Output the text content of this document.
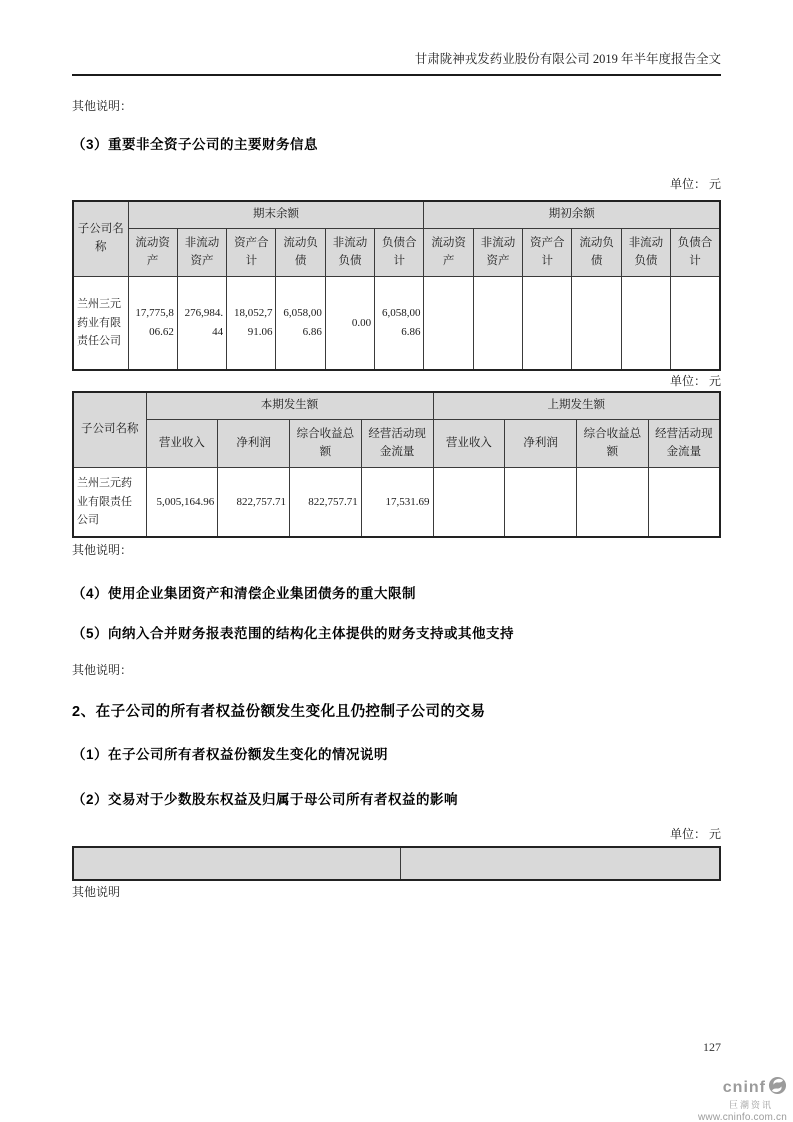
甘肃陇神戎发药业股份有限公司 2019 年半年度报告全文
其他说明：
（3）重要非全资子公司的主要财务信息
单位： 元
子公司名称	期末余额						期初余额					
	流动资产	非流动资产	资产合计	流动负债	非流动负债	负债合计	流动资产	非流动资产	资产合计	流动负债	非流动负债	负债合计
兰州三元药业有限责任公司	17,775,806.62	276,984.44	18,052,791.06	6,058,006.86	0.00	6,058,006.86						
单位： 元
子公司名称	本期发生额				上期发生额			
	营业收入	净利润	综合收益总额	经营活动现金流量	营业收入	净利润	综合收益总额	经营活动现金流量
兰州三元药业有限责任公司	5,005,164.96	822,757.71	822,757.71	17,531.69				
其他说明：
（4）使用企业集团资产和清偿企业集团债务的重大限制
（5）向纳入合并财务报表范围的结构化主体提供的财务支持或其他支持
其他说明：
2、在子公司的所有者权益份额发生变化且仍控制子公司的交易
（1）在子公司所有者权益份额发生变化的情况说明
（2）交易对于少数股东权益及归属于母公司所有者权益的影响
单位： 元

其他说明
127
cninf
巨潮资讯
www.cninfo.com.cn
